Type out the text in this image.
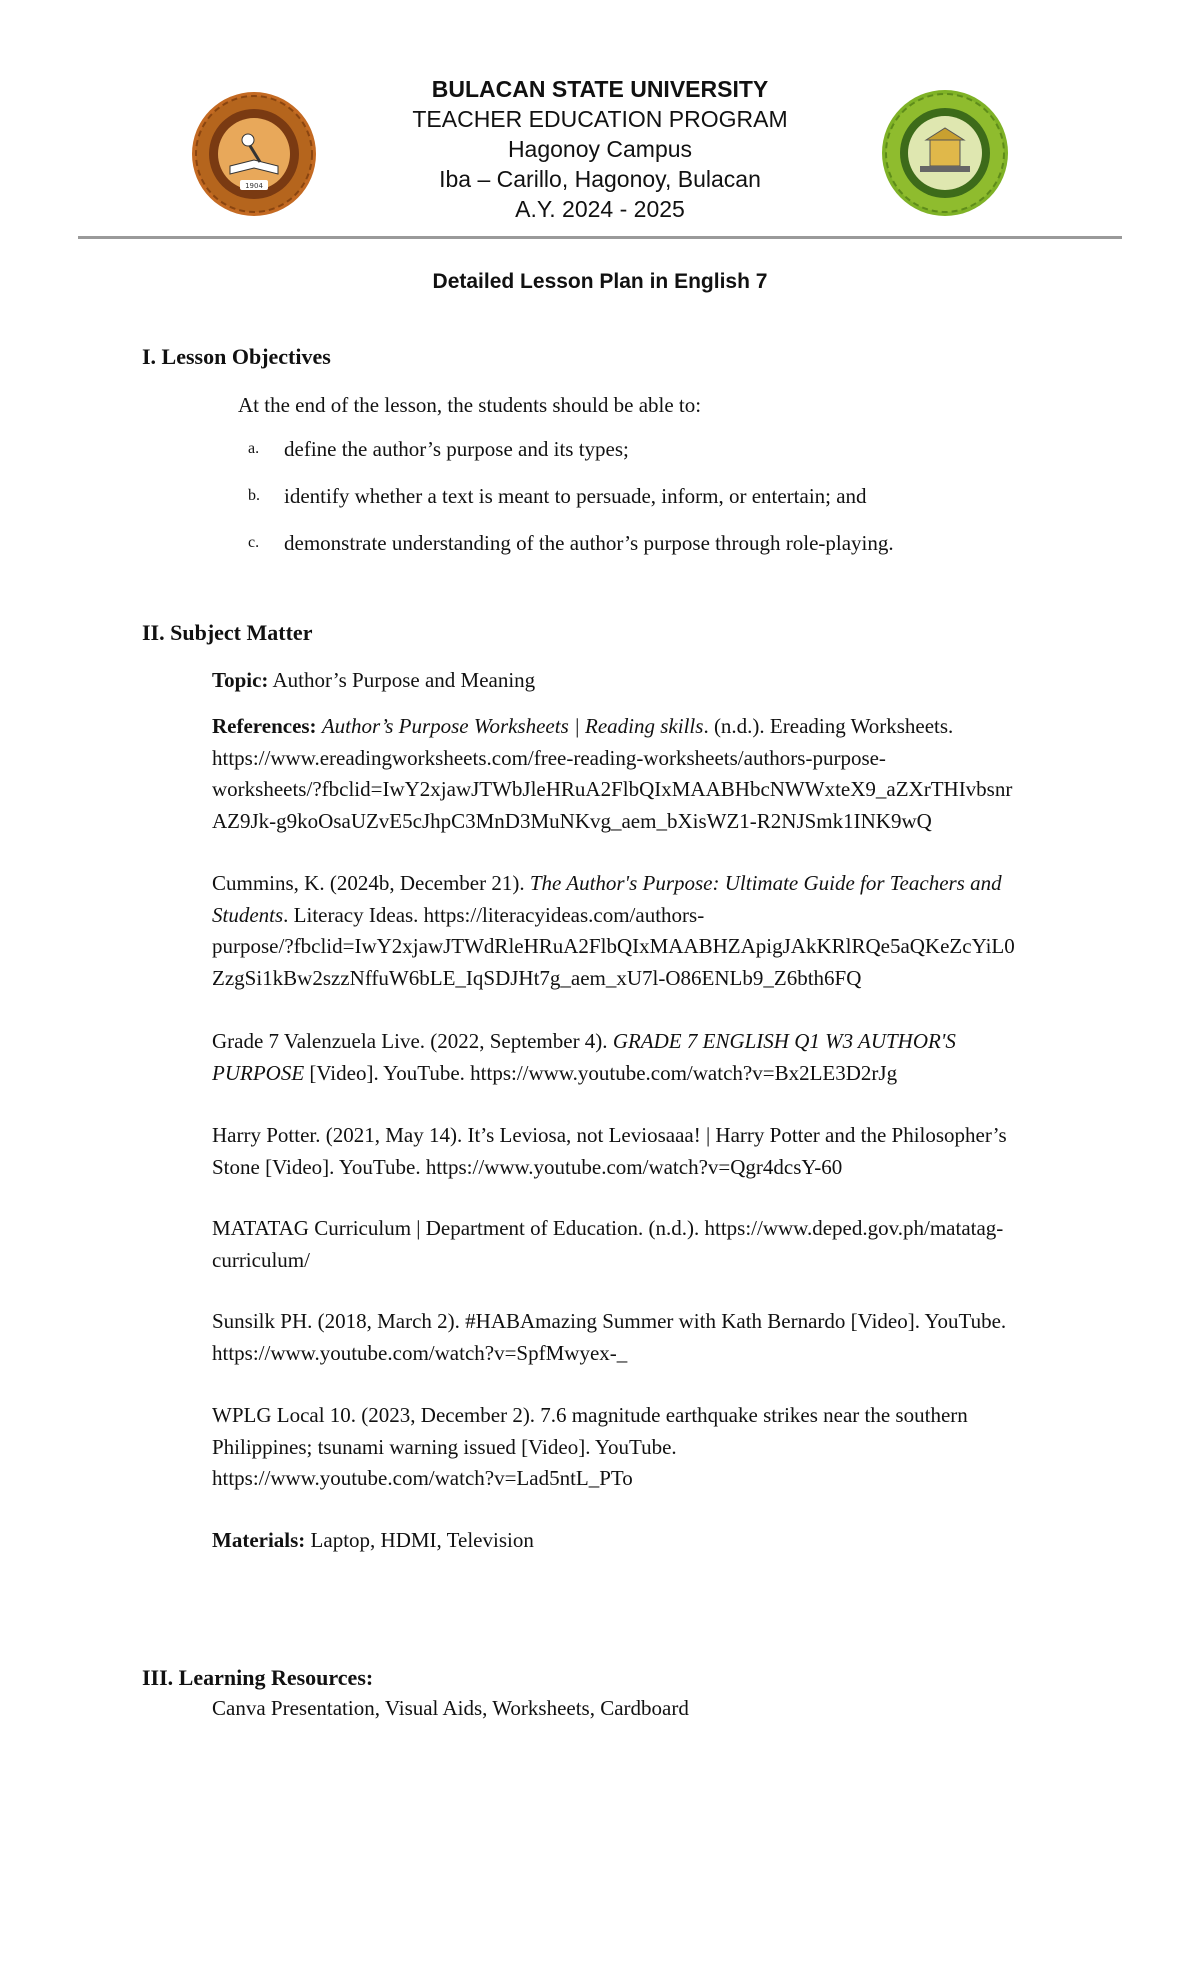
1904
BULACAN STATE UNIVERSITY
TEACHER EDUCATION PROGRAM
Hagonoy Campus
Iba – Carillo, Hagonoy, Bulacan
A.Y. 2024 - 2025
Detailed Lesson Plan in English 7
I. Lesson Objectives
At the end of the lesson, the students should be able to:
a. define the author’s purpose and its types;
b. identify whether a text is meant to persuade, inform, or entertain; and
c. demonstrate understanding of the author’s purpose through role-playing.
II. Subject Matter
Topic: Author’s Purpose and Meaning
References: Author’s Purpose Worksheets | Reading skills. (n.d.). Ereading Worksheets.
https://www.ereadingworksheets.com/free-reading-worksheets/authors-purpose-
worksheets/?fbclid=IwY2xjawJTWbJleHRuA2FlbQIxMAABHbcNWWxteX9_aZXrTHIvbsnr
AZ9Jk-g9koOsaUZvE5cJhpC3MnD3MuNKvg_aem_bXisWZ1-R2NJSmk1INK9wQ
Cummins, K. (2024b, December 21). The Author's Purpose: Ultimate Guide for Teachers and
Students. Literacy Ideas. https://literacyideas.com/authors-
purpose/?fbclid=IwY2xjawJTWdRleHRuA2FlbQIxMAABHZApigJAkKRlRQe5aQKeZcYiL0
ZzgSi1kBw2szzNffuW6bLE_IqSDJHt7g_aem_xU7l-O86ENLb9_Z6bth6FQ
Grade 7 Valenzuela Live. (2022, September 4). GRADE 7 ENGLISH Q1 W3 AUTHOR'S
PURPOSE [Video]. YouTube. https://www.youtube.com/watch?v=Bx2LE3D2rJg
Harry Potter. (2021, May 14). It’s Leviosa, not Leviosaaa! | Harry Potter and the Philosopher’s
Stone [Video]. YouTube. https://www.youtube.com/watch?v=Qgr4dcsY-60
MATATAG Curriculum | Department of Education. (n.d.). https://www.deped.gov.ph/matatag-
curriculum/
Sunsilk PH. (2018, March 2). #HABAmazing Summer with Kath Bernardo [Video]. YouTube.
https://www.youtube.com/watch?v=SpfMwyex-_
WPLG Local 10. (2023, December 2). 7.6 magnitude earthquake strikes near the southern
Philippines; tsunami warning issued [Video]. YouTube.
https://www.youtube.com/watch?v=Lad5ntL_PTo
Materials: Laptop, HDMI, Television
III. Learning Resources:
Canva Presentation, Visual Aids, Worksheets, Cardboard
